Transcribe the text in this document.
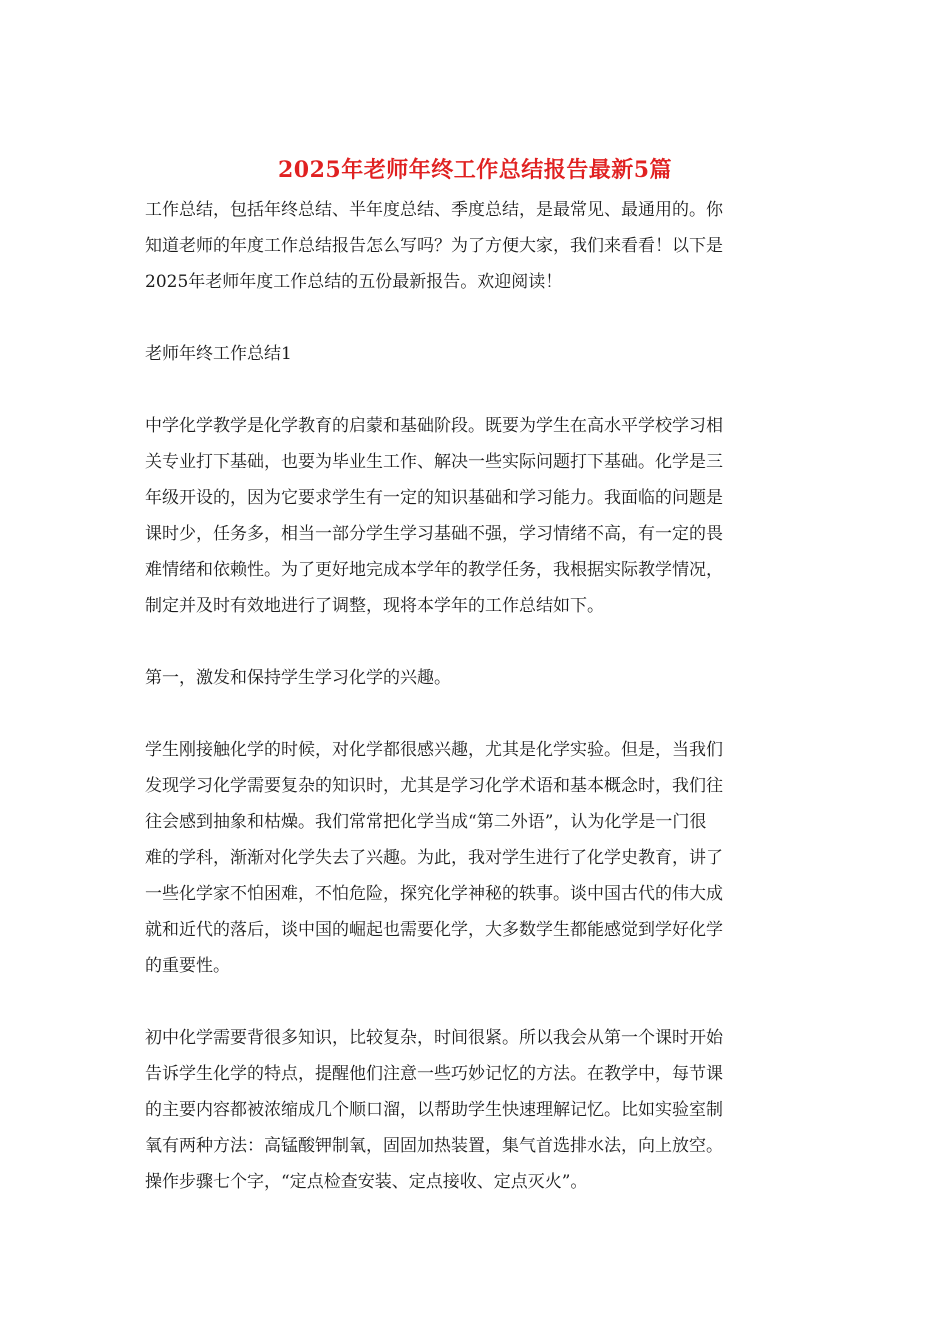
2025年老师年终工作总结报告最新5篇
工作总结，包括年终总结、半年度总结、季度总结，是最常见、最通用的。你
知道老师的年度工作总结报告怎么写吗？为了方便大家，我们来看看！以下是
2025年老师年度工作总结的五份最新报告。欢迎阅读！
老师年终工作总结1
中学化学教学是化学教育的启蒙和基础阶段。既要为学生在高水平学校学习相
关专业打下基础，也要为毕业生工作、解决一些实际问题打下基础。化学是三
年级开设的，因为它要求学生有一定的知识基础和学习能力。我面临的问题是
课时少，任务多，相当一部分学生学习基础不强，学习情绪不高，有一定的畏
难情绪和依赖性。为了更好地完成本学年的教学任务，我根据实际教学情况，
制定并及时有效地进行了调整，现将本学年的工作总结如下。
第一，激发和保持学生学习化学的兴趣。
学生刚接触化学的时候，对化学都很感兴趣，尤其是化学实验。但是，当我们
发现学习化学需要复杂的知识时，尤其是学习化学术语和基本概念时，我们往
往会感到抽象和枯燥。我们常常把化学当成“第二外语”，认为化学是一门很
难的学科，渐渐对化学失去了兴趣。为此，我对学生进行了化学史教育，讲了
一些化学家不怕困难，不怕危险，探究化学神秘的轶事。谈中国古代的伟大成
就和近代的落后，谈中国的崛起也需要化学，大多数学生都能感觉到学好化学
的重要性。
初中化学需要背很多知识，比较复杂，时间很紧。所以我会从第一个课时开始
告诉学生化学的特点，提醒他们注意一些巧妙记忆的方法。在教学中，每节课
的主要内容都被浓缩成几个顺口溜，以帮助学生快速理解记忆。比如实验室制
氧有两种方法：高锰酸钾制氧，固固加热装置，集气首选排水法，向上放空。
操作步骤七个字，“定点检查安装、定点接收、定点灭火”。
